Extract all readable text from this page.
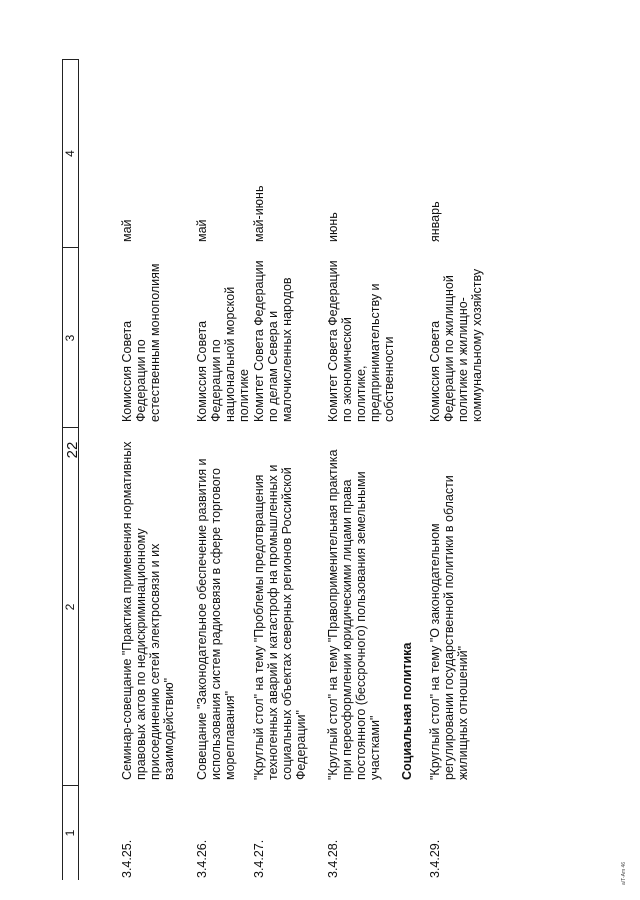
22
1
2
3
4
3.4.25.
Семинар-совещание "Практика применения нормативных правовых актов по недискриминационному присоединению сетей электросвязи и их взаимодействию"
Комиссия Совета Федерации по естественным монополиям
май
3.4.26.
Совещание "Законодательное обеспечение развития и использования систем радиосвязи в сфере торгового мореплавания"
Комиссия Совета Федерации по национальной морской политике
май
3.4.27.
"Круглый стол" на тему "Проблемы предотвращения техногенных аварий и катастроф на промышленных и социальных объектах северных регионов Российской Федерации"
Комитет Совета Федерации по делам Севера и малочисленных народов
май-июнь
3.4.28.
"Круглый стол" на тему "Правоприменительная практика при переоформлении юридическими лицами права постоянного (бессрочного) пользования земельными участками"
Комитет Совета Федерации по экономической политике, предпринимательству и собственности
июнь
Социальная политика
3.4.29.
"Круглый стол" на тему "О законодательном регулировании государственной политики в области жилищных отношений"
Комиссия Совета Федерации по жилищной политике и жилищно-коммунальному хозяйству
январь
a/T-Am 46
